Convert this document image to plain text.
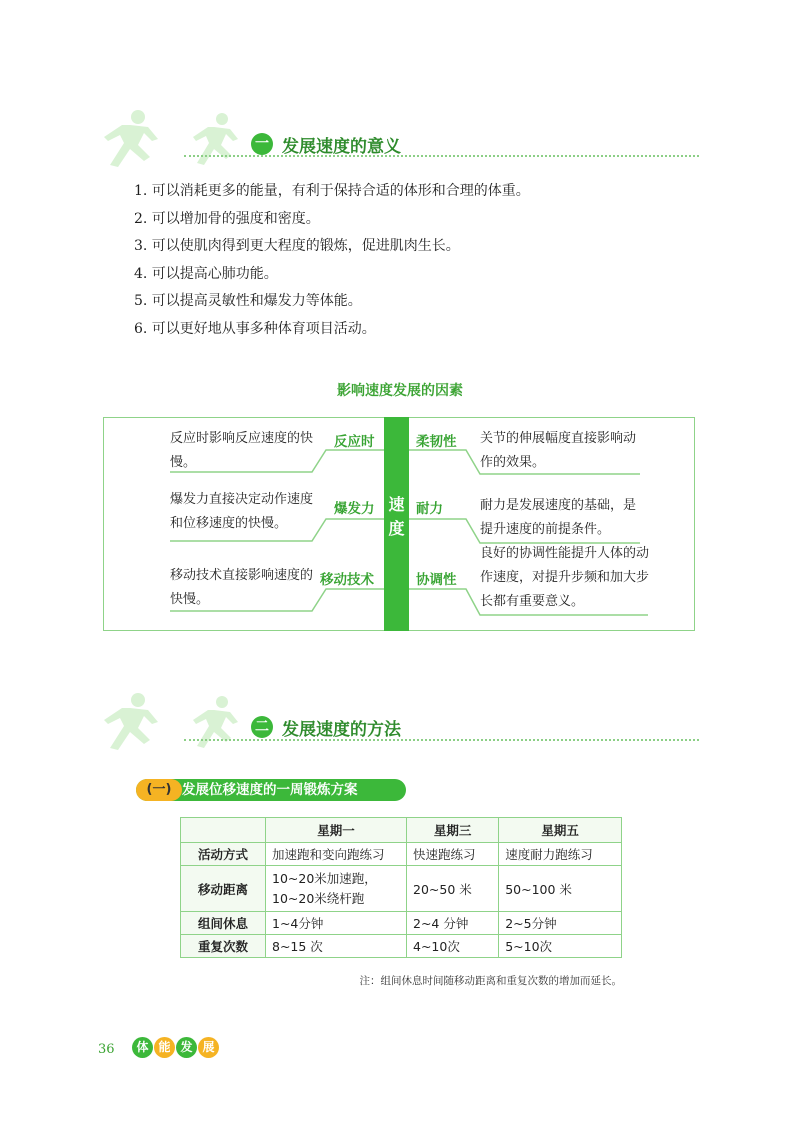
一 发展速度的意义
1. 可以消耗更多的能量，有利于保持合适的体形和合理的体重。
2. 可以增加骨的强度和密度。
3. 可以使肌肉得到更大程度的锻炼，促进肌肉生长。
4. 可以提高心肺功能。
5. 可以提高灵敏性和爆发力等体能。
6. 可以更好地从事多种体育项目活动。
影响速度发展的因素
速度
反应时影响反应速度的快慢。
反应时
爆发力直接决定动作速度和位移速度的快慢。
爆发力
移动技术直接影响速度的快慢。
移动技术
柔韧性 关节的伸展幅度直接影响动作的效果。
耐力	耐力是发展速度的基础，是提升速度的前提条件。
协调性
良好的协调性能提升人体的动作速度，对提升步频和加大步长都有重要意义。
二 发展速度的方法
(一) 发展位移速度的一周锻炼方案
	星期一	星期三	星期五
活动方式	加速跑和变向跑练习	快速跑练习	速度耐力跑练习
移动距离	10~20米加速跑，10~20米绕杆跑	20~50 米	50~100 米
组间休息	1~4分钟	2~4 分钟	2~5分钟
重复次数	8~15 次	4~10次	5~10次
注：组间休息时间随移动距离和重复次数的增加而延长。
36	体 能 发 展
